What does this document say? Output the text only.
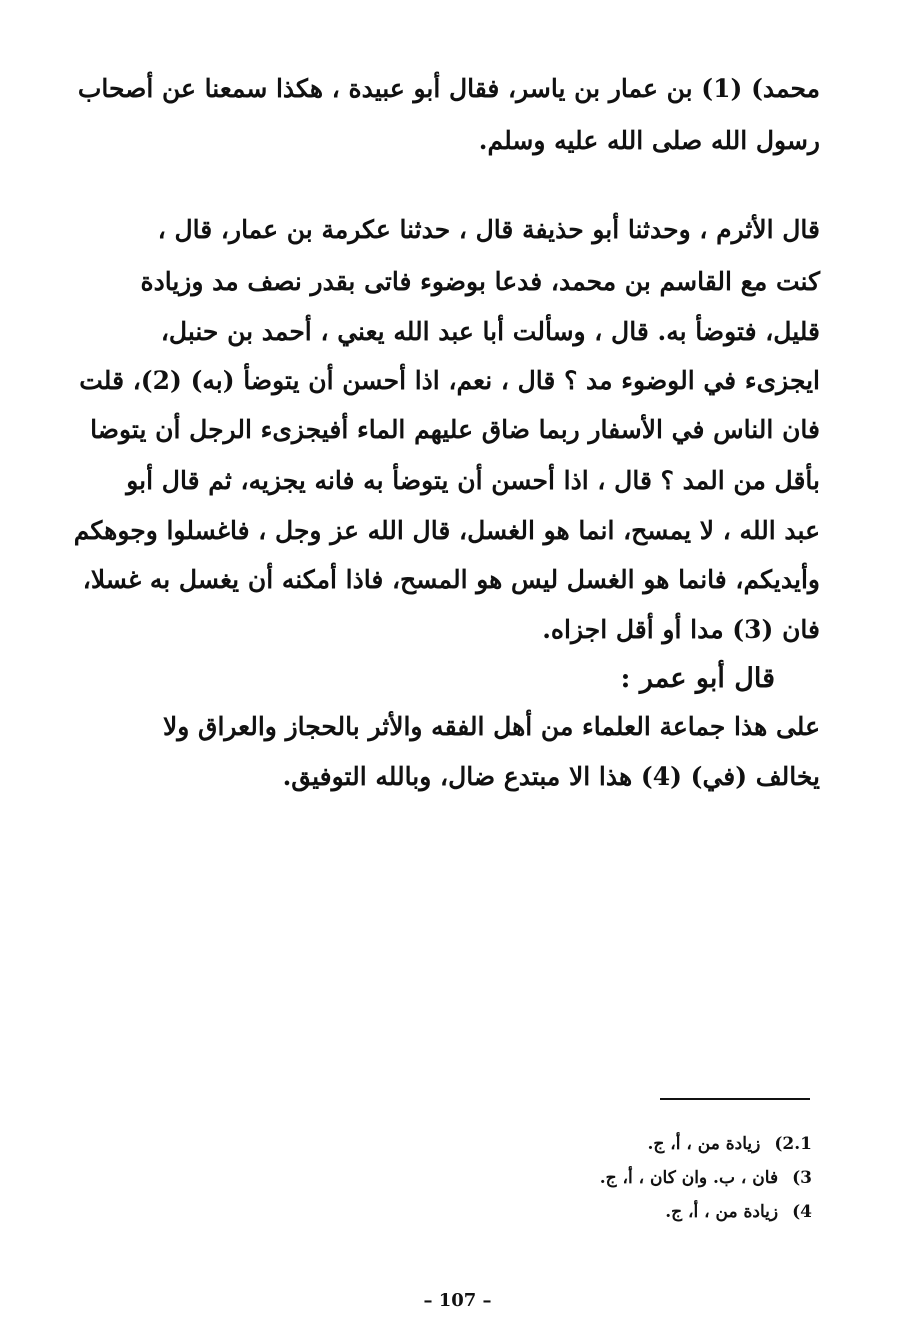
محمد) (1) بن عمار بن ياسر، فقال أبو عبيدة ، هكذا سمعنا عن أصحاب
رسول الله صلى الله عليه وسلم.
قال الأثرم ، وحدثنا أبو حذيفة قال ، حدثنا عكرمة بن عمار، قال ،
كنت مع القاسم بن محمد، فدعا بوضوء فاتى بقدر نصف مد وزيادة
قليل، فتوضأ به. قال ، وسألت أبا عبد الله يعني ، أحمد بن حنبل،
ايجزىء في الوضوء مد ؟ قال ، نعم، اذا أحسن أن يتوضأ (به) (2)، قلت
فان الناس في الأسفار ربما ضاق عليهم الماء أفيجزىء الرجل أن يتوضا
بأقل من المد ؟ قال ، اذا أحسن أن يتوضأ به فانه يجزيه، ثم قال أبو
عبد الله ، لا يمسح، انما هو الغسل، قال الله عز وجل ، فاغسلوا وجوهكم
وأيديكم، فانما هو الغسل ليس هو المسح، فاذا أمكنه أن يغسل به غسلا،
فان (3) مدا أو أقل اجزاه.
قال أبو عمر :
على هذا جماعة العلماء من أهل الفقه والأثر بالحجاز والعراق ولا
يخالف (في) (4) هذا الا مبتدع ضال، وبالله التوفيق.
2.1)زيادة من ، أ، ج.
3)فان ، ب. وان كان ، أ، ج.
4)زيادة من ، أ، ج.
– 107 –
